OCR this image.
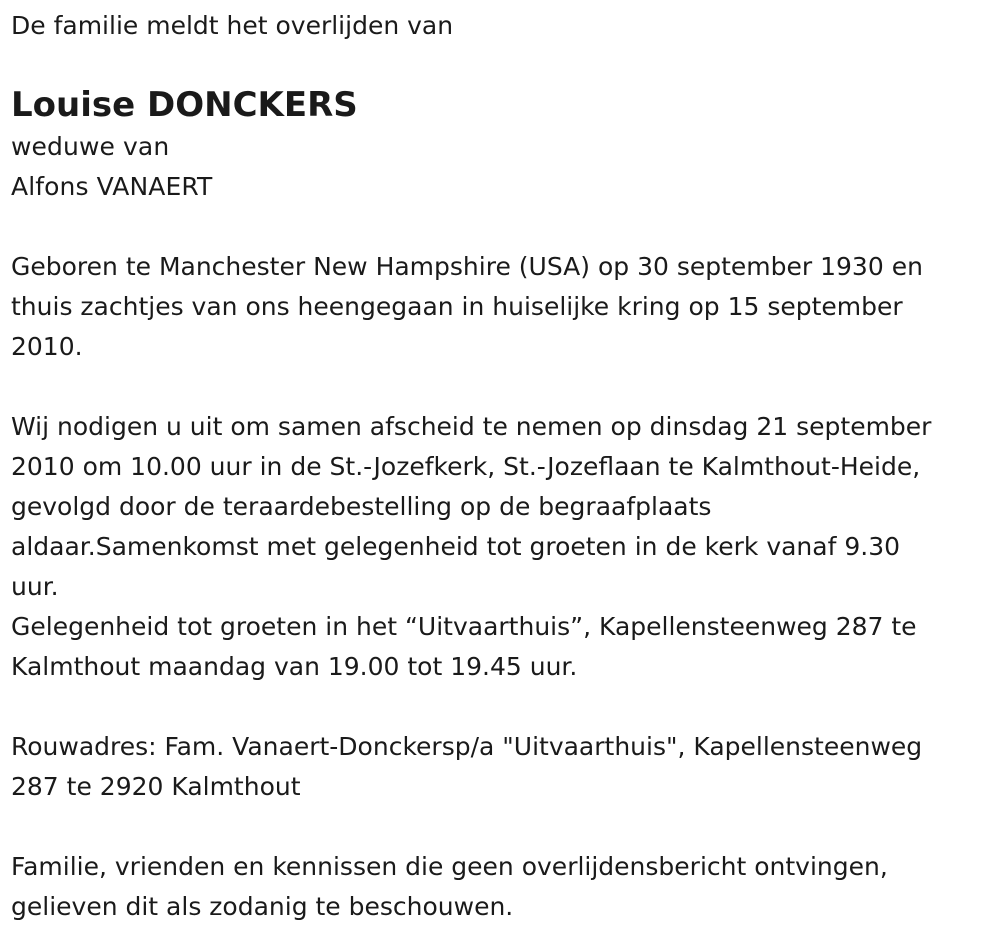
De familie meldt het overlijden van

Louise DONCKERS

weduwe van

Alfons VANAERT

Geboren te Manchester New Hampshire (USA) op 30 september 1930 en

thuis zachtjes van ons heengegaan in huiselijke kring op 15 september

2010.

Wij nodigen u uit om samen afscheid te nemen op dinsdag 21 september

2010 om 10.00 uur in de St.-Jozefkerk, St.-Jozeflaan te Kalmthout-Heide,

gevolgd door de teraardebestelling op de begraafplaats

aldaar.Samenkomst met gelegenheid tot groeten in de kerk vanaf 9.30

uur.

Gelegenheid tot groeten in het “Uitvaarthuis”, Kapellensteenweg 287 te

Kalmthout maandag van 19.00 tot 19.45 uur.

Rouwadres: Fam. Vanaert-Donckersp/a "Uitvaarthuis", Kapellensteenweg

287 te 2920 Kalmthout

Familie, vrienden en kennissen die geen overlijdensbericht ontvingen,

gelieven dit als zodanig te beschouwen.
